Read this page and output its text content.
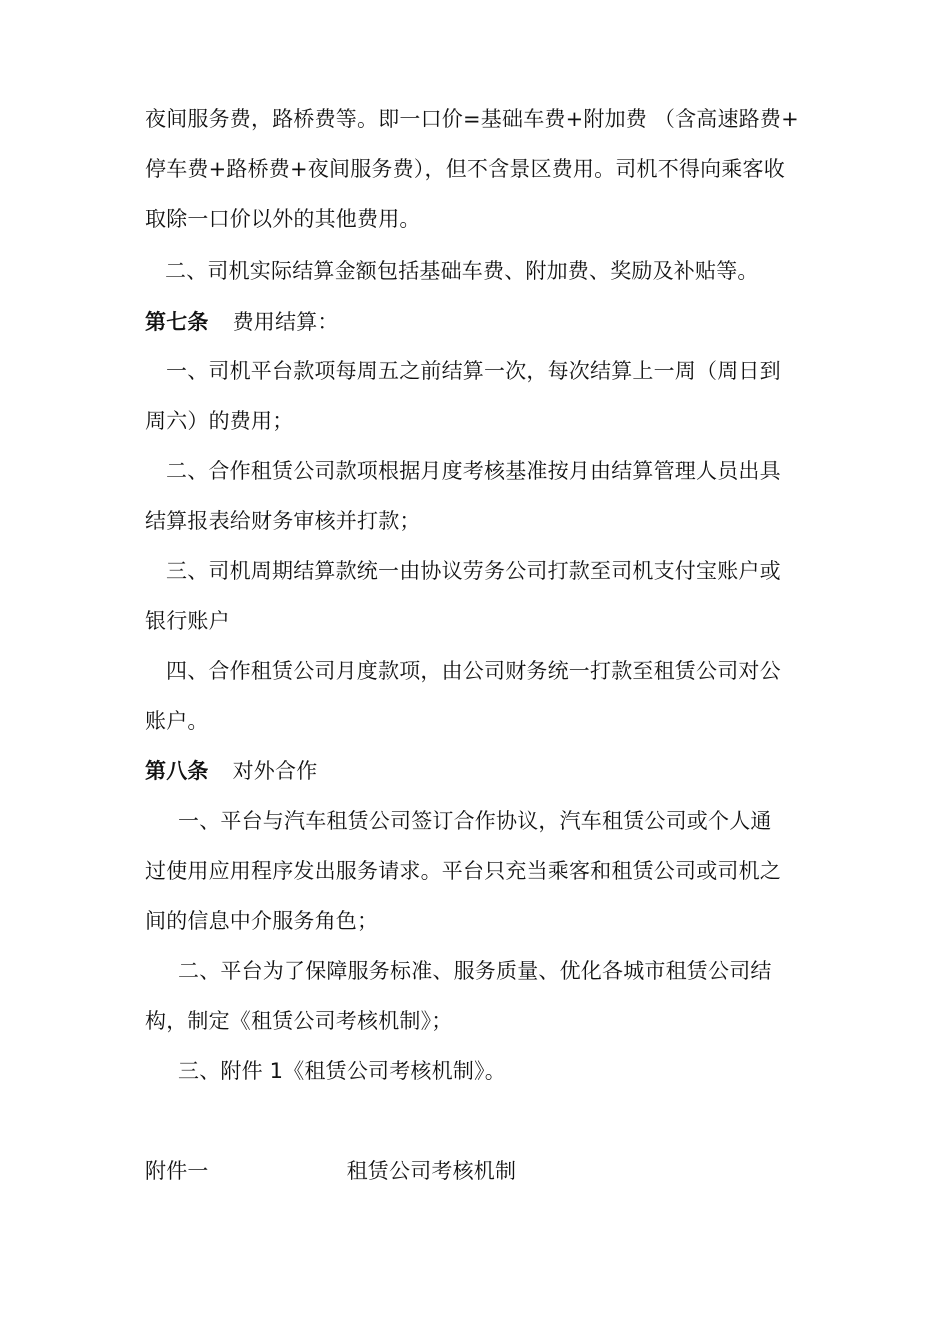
夜间服务费，路桥费等。即一口价=基础车费+附加费 （含高速路费+
停车费+路桥费+夜间服务费），但不含景区费用。司机不得向乘客收
取除一口价以外的其他费用。
二、司机实际结算金额包括基础车费、附加费、奖励及补贴等。
第七条 费用结算：
一、司机平台款项每周五之前结算一次，每次结算上一周（周日到
周六）的费用；
二、合作租赁公司款项根据月度考核基准按月由结算管理人员出具
结算报表给财务审核并打款；
三、司机周期结算款统一由协议劳务公司打款至司机支付宝账户或
银行账户
四、合作租赁公司月度款项，由公司财务统一打款至租赁公司对公
账户。
第八条 对外合作
一、平台与汽车租赁公司签订合作协议，汽车租赁公司或个人通
过使用应用程序发出服务请求。平台只充当乘客和租赁公司或司机之
间的信息中介服务角色；
二、平台为了保障服务标准、服务质量、优化各城市租赁公司结
构，制定《租赁公司考核机制》；
三、附件 1《租赁公司考核机制》。
附件一	租赁公司考核机制
